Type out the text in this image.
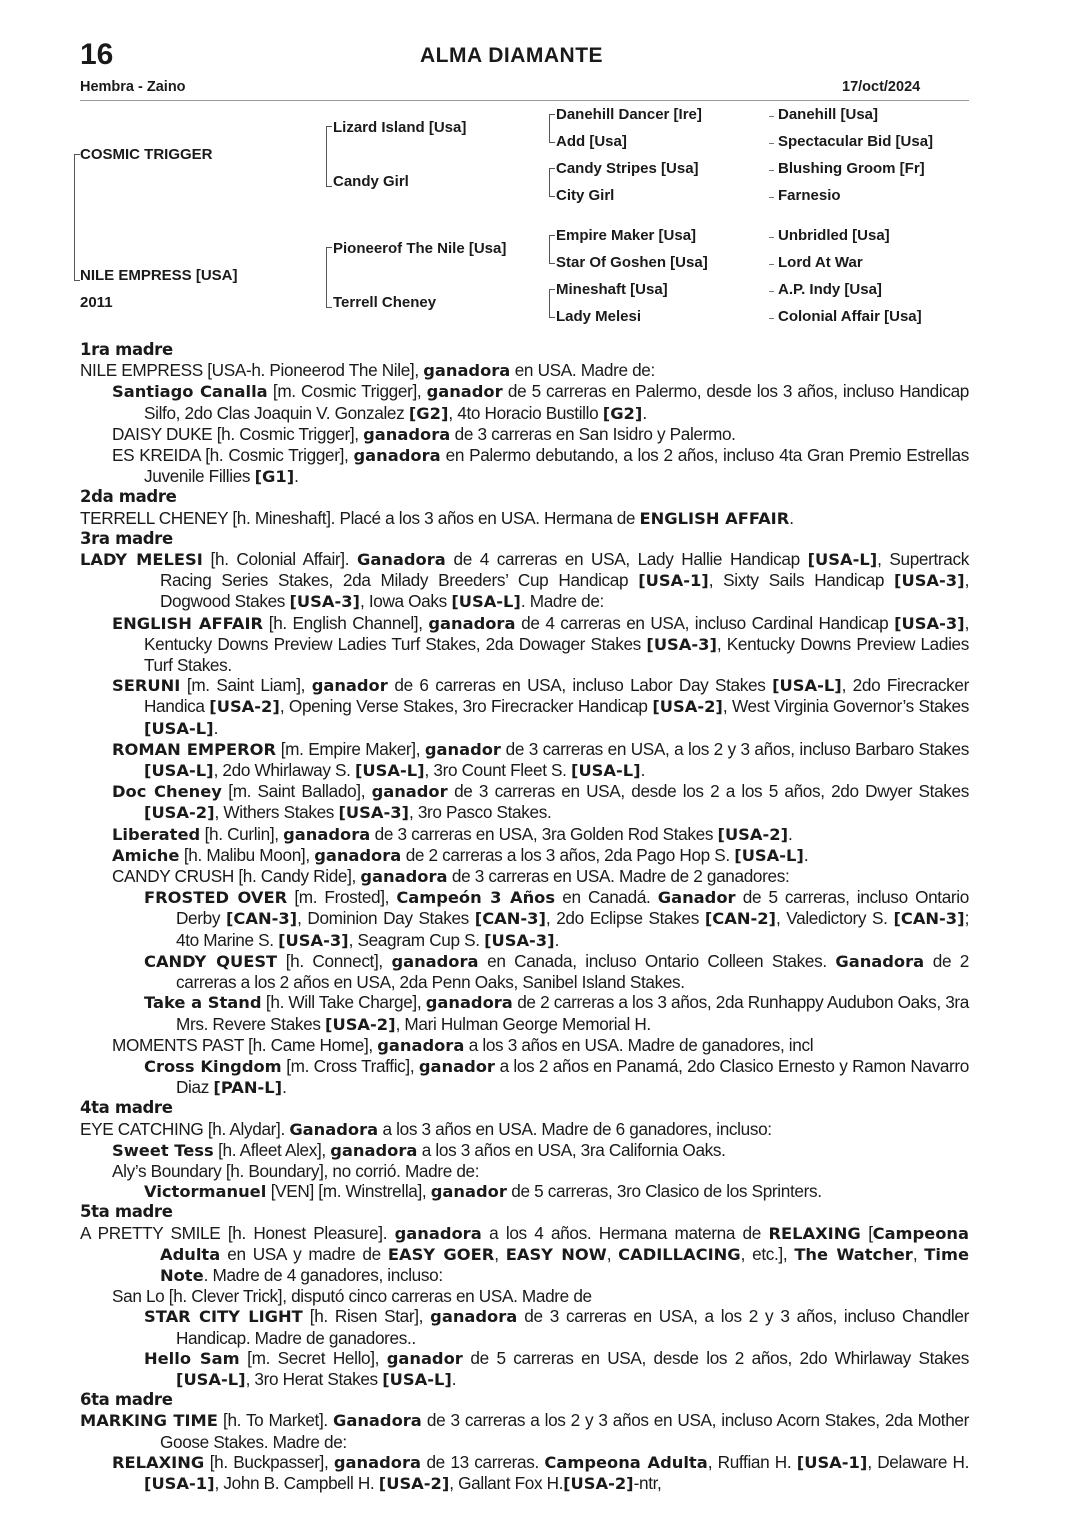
16	ALMA DIAMANTE
Hembra - Zaino	17/oct/2024
COSMIC TRIGGER
NILE EMPRESS [USA]
2011
Lizard Island [Usa]
Candy Girl
Pioneerof The Nile [Usa]
Terrell Cheney
Danehill Dancer [Ire]
Add [Usa]
Candy Stripes [Usa]
City Girl
Empire Maker [Usa]
Star Of Goshen [Usa]
Mineshaft [Usa]
Lady Melesi
Danehill [Usa]
Spectacular Bid [Usa]
Blushing Groom [Fr]
Farnesio
Unbridled [Usa]
Lord At War
A.P. Indy [Usa]
Colonial Affair [Usa]

1ra madre

NILE EMPRESS [USA-h. Pioneerod The Nile], ganadora en USA. Madre de:

Santiago Canalla [m. Cosmic Trigger], ganador de 5 carreras en Palermo, desde los 3 años, incluso Handicap Silfo, 2do Clas Joaquin V. Gonzalez [G2], 4to Horacio Bustillo [G2].

DAISY DUKE [h. Cosmic Trigger], ganadora de 3 carreras en San Isidro y Palermo.

ES KREIDA [h. Cosmic Trigger], ganadora en Palermo debutando, a los 2 años, incluso 4ta Gran Premio Estrellas Juvenile Fillies [G1].

2da madre

TERRELL CHENEY [h. Mineshaft]. Placé a los 3 años en USA. Hermana de ENGLISH AFFAIR.

3ra madre

LADY MELESI [h. Colonial Affair]. Ganadora de 4 carreras en USA, Lady Hallie Handicap [USA-L], Supertrack Racing Series Stakes, 2da Milady Breeders’ Cup Handicap [USA-1], Sixty Sails Handicap [USA-3], Dogwood Stakes [USA-3], Iowa Oaks [USA-L]. Madre de:

ENGLISH AFFAIR [h. English Channel], ganadora de 4 carreras en USA, incluso Cardinal Handicap [USA-3], Kentucky Downs Preview Ladies Turf Stakes, 2da Dowager Stakes [USA-3], Kentucky Downs Preview Ladies Turf Stakes.

SERUNI [m. Saint Liam], ganador de 6 carreras en USA, incluso Labor Day Stakes [USA-L], 2do Firecracker Handica [USA-2], Opening Verse Stakes, 3ro Firecracker Handicap [USA-2], West Virginia Governor’s Stakes [USA-L].

ROMAN EMPEROR [m. Empire Maker], ganador de 3 carreras en USA, a los 2 y 3 años, incluso Barbaro Stakes [USA-L], 2do Whirlaway S. [USA-L], 3ro Count Fleet S. [USA-L].

Doc Cheney [m. Saint Ballado], ganador de 3 carreras en USA, desde los 2 a los 5 años, 2do Dwyer Stakes [USA-2], Withers Stakes [USA-3], 3ro Pasco Stakes.

Liberated [h. Curlin], ganadora de 3 carreras en USA, 3ra Golden Rod Stakes [USA-2].

Amiche [h. Malibu Moon], ganadora de 2 carreras a los 3 años, 2da Pago Hop S. [USA-L].

CANDY CRUSH [h. Candy Ride], ganadora de 3 carreras en USA. Madre de 2 ganadores:

FROSTED OVER [m. Frosted], Campeón 3 Años en Canadá. Ganador de 5 carreras, incluso Ontario Derby [CAN-3], Dominion Day Stakes [CAN-3], 2do Eclipse Stakes [CAN-2], Valedictory S. [CAN-3]; 4to Marine S. [USA-3], Seagram Cup S. [USA-3].

CANDY QUEST [h. Connect], ganadora en Canada, incluso Ontario Colleen Stakes. Ganadora de 2 carreras a los 2 años en USA, 2da Penn Oaks, Sanibel Island Stakes.

Take a Stand [h. Will Take Charge], ganadora de 2 carreras a los 3 años, 2da Runhappy Audubon Oaks, 3ra Mrs. Revere Stakes [USA-2], Mari Hulman George Memorial H.

MOMENTS PAST [h. Came Home], ganadora a los 3 años en USA. Madre de ganadores, incl

Cross Kingdom [m. Cross Traffic], ganador a los 2 años en Panamá, 2do Clasico Ernesto y Ramon Navarro Diaz [PAN-L].

4ta madre

EYE CATCHING [h. Alydar]. Ganadora a los 3 años en USA. Madre de 6 ganadores, incluso:

Sweet Tess [h. Afleet Alex], ganadora a los 3 años en USA, 3ra California Oaks.

Aly’s Boundary [h. Boundary], no corrió. Madre de:

Victormanuel [VEN] [m. Winstrella], ganador de 5 carreras, 3ro Clasico de los Sprinters.

5ta madre

A PRETTY SMILE [h. Honest Pleasure]. ganadora a los 4 años. Hermana materna de RELAXING [Campeona Adulta en USA y madre de EASY GOER, EASY NOW, CADILLACING, etc.], The Watcher, Time Note. Madre de 4 ganadores, incluso:

San Lo [h. Clever Trick], disputó cinco carreras en USA. Madre de

STAR CITY LIGHT [h. Risen Star], ganadora de 3 carreras en USA, a los 2 y 3 años, incluso Chandler Handicap. Madre de ganadores..

Hello Sam [m. Secret Hello], ganador de 5 carreras en USA, desde los 2 años, 2do Whirlaway Stakes [USA-L], 3ro Herat Stakes [USA-L].

6ta madre

MARKING TIME [h. To Market]. Ganadora de 3 carreras a los 2 y 3 años en USA, incluso Acorn Stakes, 2da Mother Goose Stakes. Madre de:

RELAXING [h. Buckpasser], ganadora de 13 carreras. Campeona Adulta, Ruffian H. [USA-1], Delaware H. [USA-1], John B. Campbell H. [USA-2], Gallant Fox H.[USA-2]-ntr,
